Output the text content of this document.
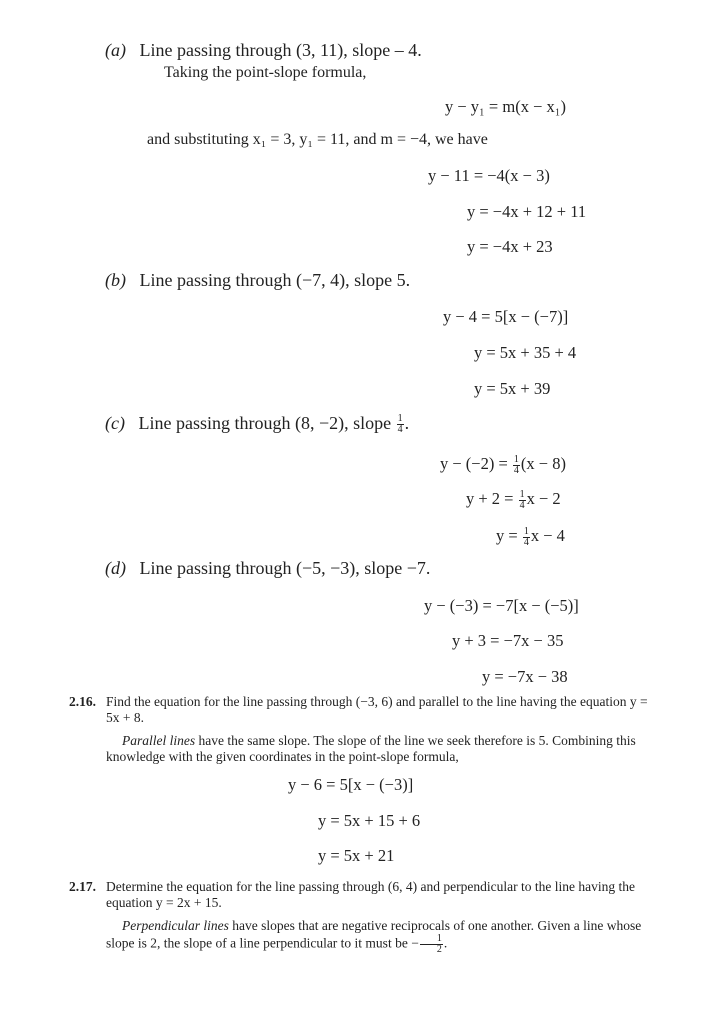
(a) Line passing through (3, 11), slope – 4.
Taking the point-slope formula,
y − y₁ = m(x − x₁)
and substituting x₁ = 3, y₁ = 11, and m = −4, we have
y − 11 = −4(x − 3)
y = −4x + 12 + 11
y = −4x + 23
(b) Line passing through (−7, 4), slope 5.
y − 4 = 5[x − (−7)]
y = 5x + 35 + 4
y = 5x + 39
(c) Line passing through (8, −2), slope $\frac{1}{4}$ .
$y - (-2) = \frac{1}{4} (x - 8)$
$y + 2 = \frac{1}{4}$ x − 2
$y = \frac{1}{4}$ x − 4
(d) Line passing through (−5, −3), slope −7.
y − (−3) = −7[x − (−5)]
y + 3 = −7x − 35
y = −7x − 38
2.16. Find the equation for the line passing through (−3, 6) and parallel to the line having the equation y = 5x + 8.
Parallel lines have the same slope. The slope of the line we seek therefore is 5. Combining this knowledge with the given coordinates in the point-slope formula,
y − 6 = 5[x − (−3)]
y = 5x + 15 + 6
y = 5x + 21
2.17. Determine the equation for the line passing through (6, 4) and perpendicular to the line having the equation y = 2x + 15.
Perpendicular lines have slopes that are negative reciprocals of one another. Given a line whose slope is 2, the slope of a line perpendicular to it must be − $\frac{1}{2}$ .
